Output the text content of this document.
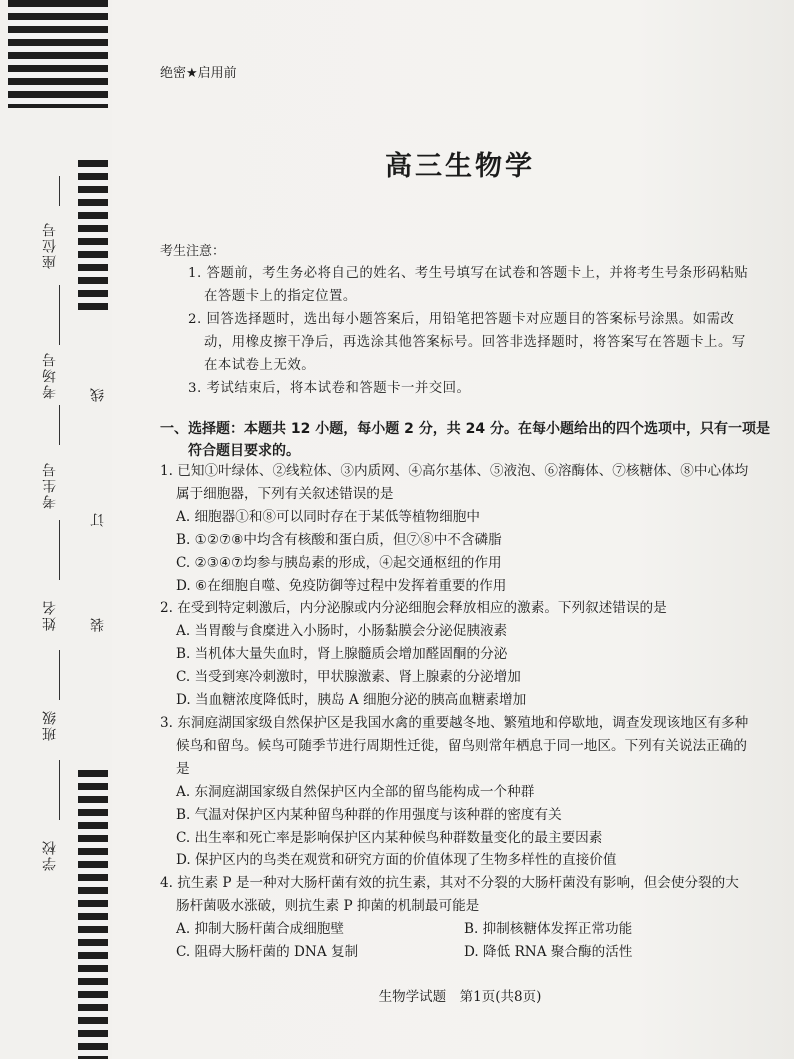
座位号
考场号
考生号
姓名
班级
学校
线
订
装
绝密★启用前
高三生物学
考生注意：

1. 答题前，考生务必将自己的姓名、考生号填写在试卷和答题卡上，并将考生号条形码粘贴在答题卡上的指定位置。

2. 回答选择题时，选出每小题答案后，用铅笔把答题卡对应题目的答案标号涂黑。如需改动，用橡皮擦干净后，再选涂其他答案标号。回答非选择题时，将答案写在答题卡上。写在本试卷上无效。

3. 考试结束后，将本试卷和答题卡一并交回。

一、选择题：本题共 12 小题，每小题 2 分，共 24 分。在每小题给出的四个选项中，只有一项是符合题目要求的。

1. 已知①叶绿体、②线粒体、③内质网、④高尔基体、⑤液泡、⑥溶酶体、⑦核糖体、⑧中心体均属于细胞器，下列有关叙述错误的是

A. 细胞器①和⑧可以同时存在于某低等植物细胞中

B. ①②⑦⑧中均含有核酸和蛋白质，但⑦⑧中不含磷脂

C. ②③④⑦均参与胰岛素的形成，④起交通枢纽的作用

D. ⑥在细胞自噬、免疫防御等过程中发挥着重要的作用

2. 在受到特定刺激后，内分泌腺或内分泌细胞会释放相应的激素。下列叙述错误的是

A. 当胃酸与食糜进入小肠时，小肠黏膜会分泌促胰液素

B. 当机体大量失血时，肾上腺髓质会增加醛固酮的分泌

C. 当受到寒冷刺激时，甲状腺激素、肾上腺素的分泌增加

D. 当血糖浓度降低时，胰岛 A 细胞分泌的胰高血糖素增加

3. 东洞庭湖国家级自然保护区是我国水禽的重要越冬地、繁殖地和停歇地，调查发现该地区有多种候鸟和留鸟。候鸟可随季节进行周期性迁徙，留鸟则常年栖息于同一地区。下列有关说法正确的是

A. 东洞庭湖国家级自然保护区内全部的留鸟能构成一个种群

B. 气温对保护区内某种留鸟种群的作用强度与该种群的密度有关

C. 出生率和死亡率是影响保护区内某种候鸟种群数量变化的最主要因素

D. 保护区内的鸟类在观赏和研究方面的价值体现了生物多样性的直接价值

4. 抗生素 P 是一种对大肠杆菌有效的抗生素，其对不分裂的大肠杆菌没有影响，但会使分裂的大肠杆菌吸水涨破，则抗生素 P 抑菌的机制最可能是

A. 抑制大肠杆菌合成细胞壁	B. 抑制核糖体发挥正常功能
C. 阻碍大肠杆菌的 DNA 复制	D. 降低 RNA 聚合酶的活性
生物学试题　第1页(共8页)
